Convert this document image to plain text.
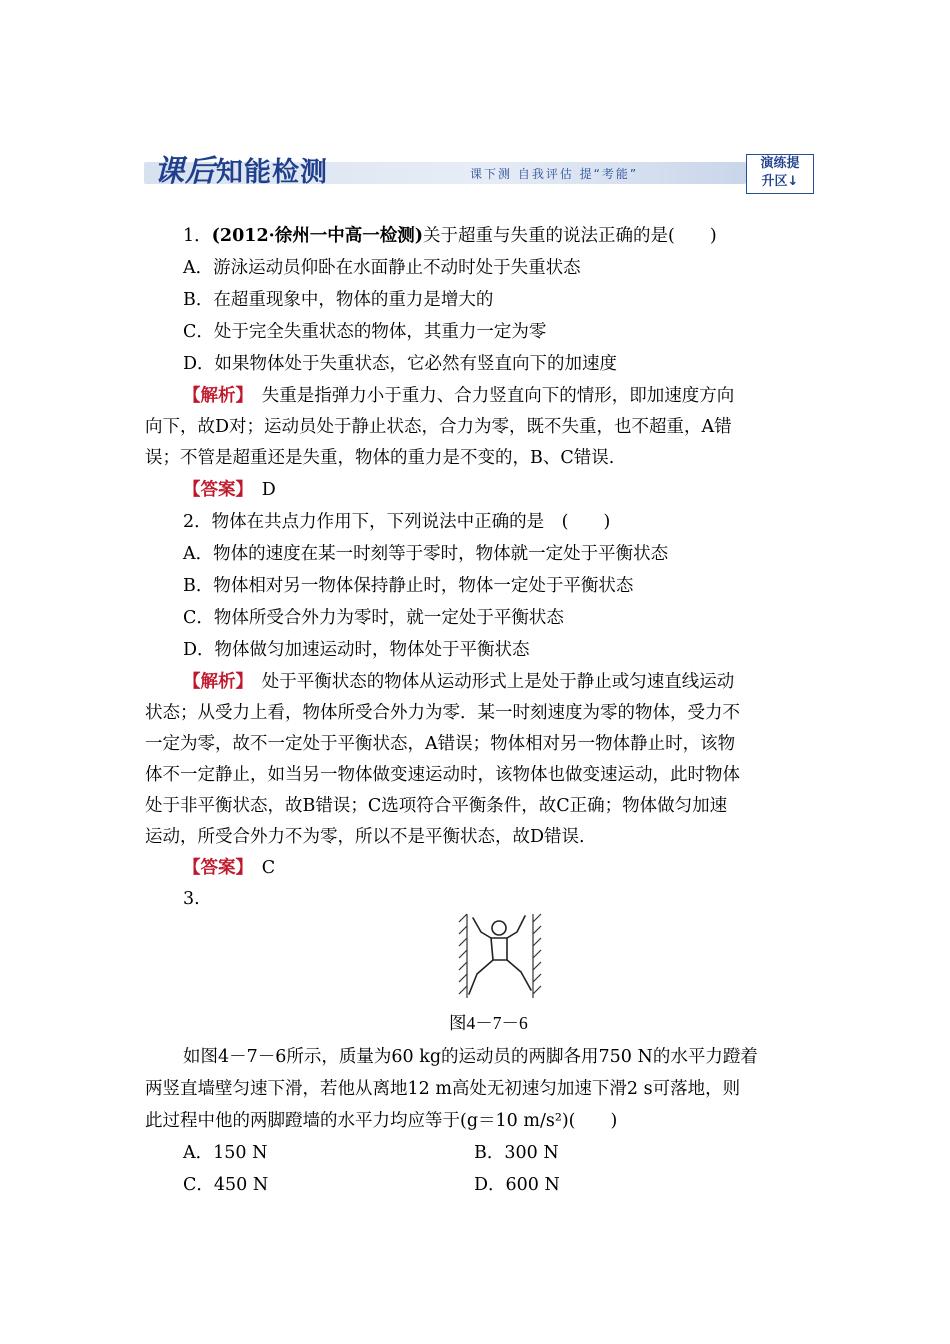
课后知能检测	课下测 自我评估 提“考能”
演练提
升区↓
1．(2012·徐州一中高一检测)关于超重与失重的说法正确的是(　　)
A．游泳运动员仰卧在水面静止不动时处于失重状态
B．在超重现象中，物体的重力是增大的
C．处于完全失重状态的物体，其重力一定为零
D．如果物体处于失重状态，它必然有竖直向下的加速度
【解析】　失重是指弹力小于重力、合力竖直向下的情形，即加速度方向
向下，故D对；运动员处于静止状态，合力为零，既不失重，也不超重，A错
误；不管是超重还是失重，物体的重力是不变的，B、C错误.
【答案】　D
2．物体在共点力作用下，下列说法中正确的是　(　　)
A．物体的速度在某一时刻等于零时，物体就一定处于平衡状态
B．物体相对另一物体保持静止时，物体一定处于平衡状态
C．物体所受合外力为零时，就一定处于平衡状态
D．物体做匀加速运动时，物体处于平衡状态
【解析】　处于平衡状态的物体从运动形式上是处于静止或匀速直线运动
状态；从受力上看，物体所受合外力为零．某一时刻速度为零的物体，受力不
一定为零，故不一定处于平衡状态，A错误；物体相对另一物体静止时，该物
体不一定静止，如当另一物体做变速运动时，该物体也做变速运动，此时物体
处于非平衡状态，故B错误；C选项符合平衡条件，故C正确；物体做匀加速
运动，所受合外力不为零，所以不是平衡状态，故D错误.
【答案】　C
3.
图4－7－6
如图4－7－6所示，质量为60 kg的运动员的两脚各用750 N的水平力蹬着
两竖直墙壁匀速下滑，若他从离地12 m高处无初速匀加速下滑2 s可落地，则
此过程中他的两脚蹬墙的水平力均应等于(g＝10 m/s²)(　　)
A．150 N	B．300 N
C．450 N	D．600 N
